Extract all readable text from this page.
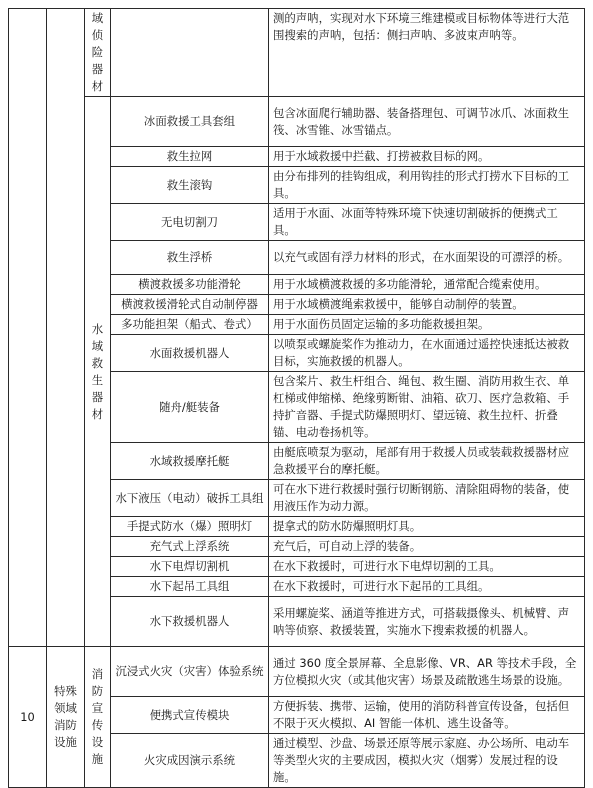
		域侦险器材		测的声呐，实现对水下环境三维建模或目标物体等进行大范围搜索的声呐，包括：侧扫声呐、多波束声呐等。
		水域救生器材	冰面救援工具套组	包含冰面爬行辅助器、装备搭理包、可调节冰爪、冰面救生筏、冰雪锥、冰雪锚点。
			救生拉网	用于水域救援中拦截、打捞被救目标的网。
			救生滚钩	由分布排列的挂钩组成，利用钩挂的形式打捞水下目标的工具。
			无电切割刀	适用于水面、冰面等特殊环境下快速切割破拆的便携式工具。
			救生浮桥	以充气或固有浮力材料的形式，在水面架设的可漂浮的桥。
			横渡救援多功能滑轮	用于水域横渡救援的多功能滑轮，通常配合缆索使用。
			横渡救援滑轮式自动制停器	用于水域横渡绳索救援中，能够自动制停的装置。
			多功能担架（船式、卷式）	用于水面伤员固定运输的多功能救援担架。
			水面救援机器人	以喷泵或螺旋桨作为推动力，在水面通过遥控快速抵达被救目标，实施救援的机器人。
			随舟/艇装备	包含桨片、救生杆组合、绳包、救生圈、消防用救生衣、单杠梯或伸缩梯、绝缘剪断钳、油箱、砍刀、医疗急救箱、手持扩音器、手提式防爆照明灯、望远镜、救生拉杆、折叠锚、电动卷扬机等。
			水域救援摩托艇	由艇底喷泵为驱动，尾部有用于救援人员或装载救援器材应急救援平台的摩托艇。
			水下液压（电动）破拆工具组	可在水下进行救援时强行切断钢筋、清除阻碍物的装备，使用液压作为动力源。
			手提式防水（爆）照明灯	提拿式的防水防爆照明灯具。
			充气式上浮系统	充气后，可自动上浮的装备。
			水下电焊切割机	在水下救援时，可进行水下电焊切割的工具。
			水下起吊工具组	在水下救援时，可进行水下起吊的工具组。
			水下救援机器人	采用螺旋桨、涵道等推进方式，可搭载摄像头、机械臂、声呐等侦察、救援装置，实施水下搜索救援的机器人。
10	特殊领域消防设施	消防宣传设施	沉浸式火灾（灾害）体验系统	通过 360 度全景屏幕、全息影像、VR、AR 等技术手段，全方位模拟火灾（或其他灾害）场景及疏散逃生场景的设施。
			便携式宣传模块	方便拆装、携带、运输，使用的消防科普宣传设备，包括但不限于灭火模拟、AI 智能一体机、逃生设备等。
			火灾成因演示系统	通过模型、沙盘、场景还原等展示家庭、办公场所、电动车等类型火灾的主要成因，模拟火灾（烟雾）发展过程的设施。
